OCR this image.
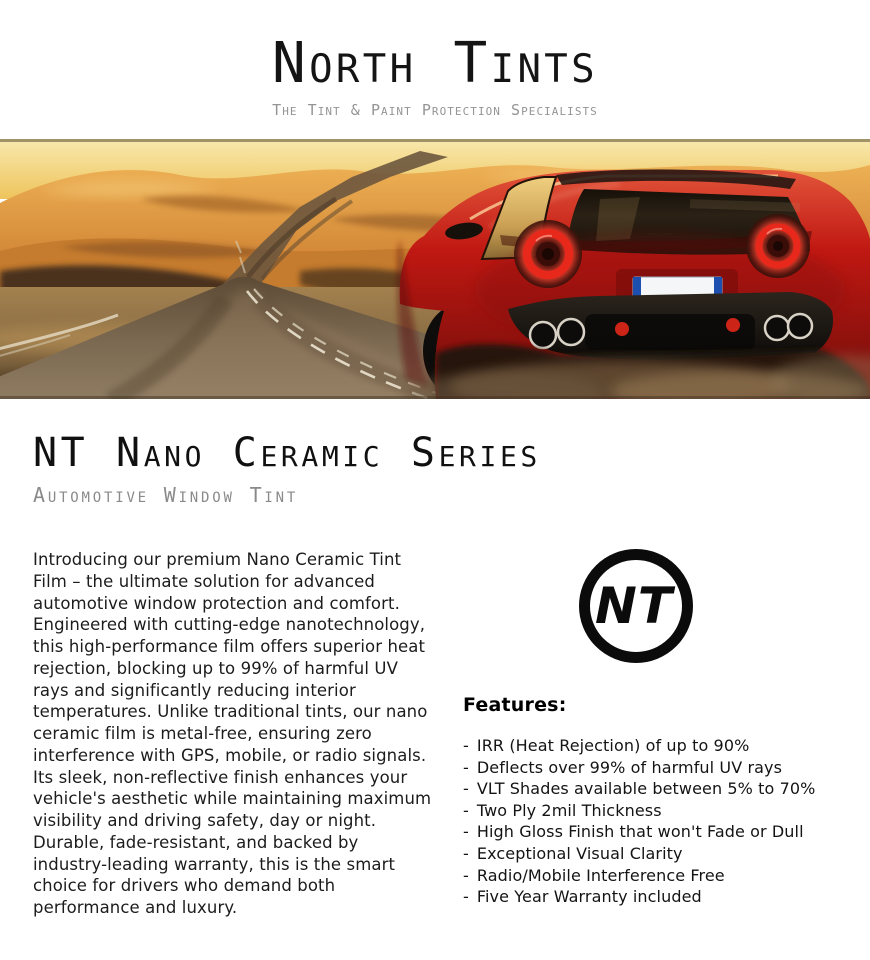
North Tints
The Tint & Paint Protection Specialists
NT Nano Ceramic Series
Automotive Window Tint

Introducing our premium Nano Ceramic Tint Film – the ultimate solution for advanced automotive window protection and comfort. Engineered with cutting-edge nanotechnology, this high-performance film offers superior heat rejection, blocking up to 99% of harmful UV rays and significantly reducing interior temperatures. Unlike traditional tints, our nano ceramic film is metal-free, ensuring zero interference with GPS, mobile, or radio signals. Its sleek, non-reflective finish enhances your vehicle's aesthetic while maintaining maximum visibility and driving safety, day or night. Durable, fade-resistant, and backed by industry-leading warranty, this is the smart choice for drivers who demand both performance and luxury.

NT
Features:
- IRR (Heat Rejection) of up to 90%
- Deflects over 99% of harmful UV rays
- VLT Shades available between 5% to 70%
- Two Ply 2mil Thickness
- High Gloss Finish that won't Fade or Dull
- Exceptional Visual Clarity
- Radio/Mobile Interference Free
- Five Year Warranty included
